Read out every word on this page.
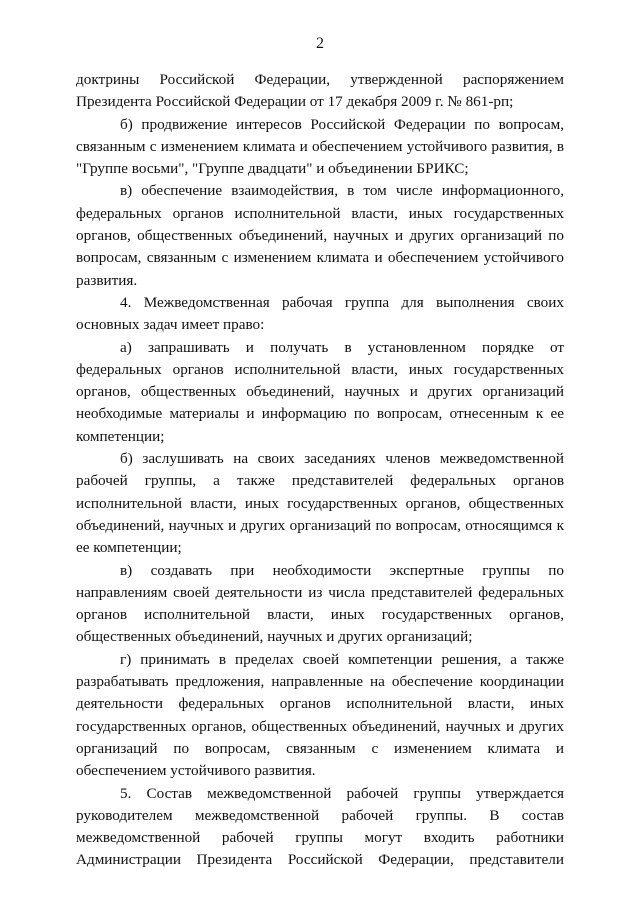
2

доктрины Российской Федерации, утвержденной распоряжением Президента Российской Федерации от 17 декабря 2009 г. № 861-рп;

б) продвижение интересов Российской Федерации по вопросам, связанным с изменением климата и обеспечением устойчивого развития, в "Группе восьми", "Группе двадцати" и объединении БРИКС;

в) обеспечение взаимодействия, в том числе информационного, федеральных органов исполнительной власти, иных государственных органов, общественных объединений, научных и других организаций по вопросам, связанным с изменением климата и обеспечением устойчивого развития.

4. Межведомственная рабочая группа для выполнения своих основных задач имеет право:

а) запрашивать и получать в установленном порядке от федеральных органов исполнительной власти, иных государственных органов, общественных объединений, научных и других организаций необходимые материалы и информацию по вопросам, отнесенным к ее компетенции;

б) заслушивать на своих заседаниях членов межведомственной рабочей группы, а также представителей федеральных органов исполнительной власти, иных государственных органов, общественных объединений, научных и других организаций по вопросам, относящимся к ее компетенции;

в) создавать при необходимости экспертные группы по направлениям своей деятельности из числа представителей федеральных органов исполнительной власти, иных государственных органов, общественных объединений, научных и других организаций;

г) принимать в пределах своей компетенции решения, а также разрабатывать предложения, направленные на обеспечение координации деятельности федеральных органов исполнительной власти, иных государственных органов, общественных объединений, научных и других организаций по вопросам, связанным с изменением климата и обеспечением устойчивого развития.

5. Состав межведомственной рабочей группы утверждается руководителем межведомственной рабочей группы. В состав межведомственной рабочей группы могут входить работники Администрации Президента Российской Федерации, представители
